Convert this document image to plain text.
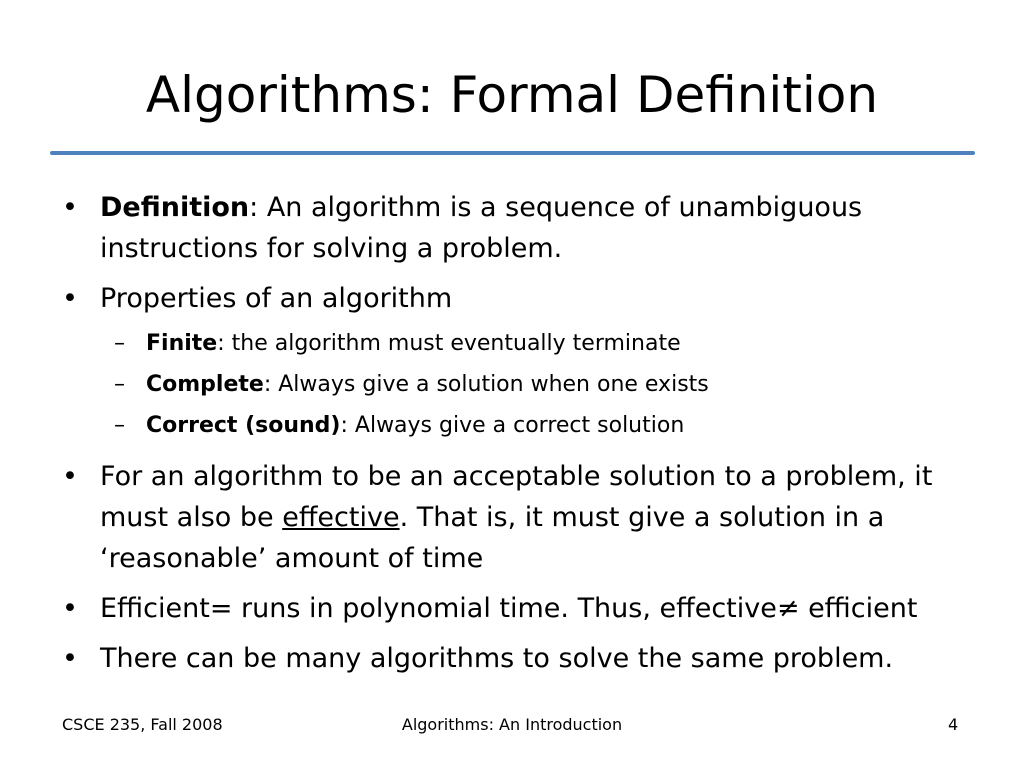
Algorithms: Formal Definition
• Definition: An algorithm is a sequence of unambiguous
instructions for solving a problem.
• Properties of an algorithm
– Finite: the algorithm must eventually terminate
– Complete: Always give a solution when one exists
– Correct (sound): Always give a correct solution
• For an algorithm to be an acceptable solution to a problem, it
must also be effective. That is, it must give a solution in a
‘reasonable’ amount of time
• Efficient= runs in polynomial time. Thus, effective≠ efficient
• There can be many algorithms to solve the same problem.
CSCE 235, Fall 2008	Algorithms: An Introduction	4
